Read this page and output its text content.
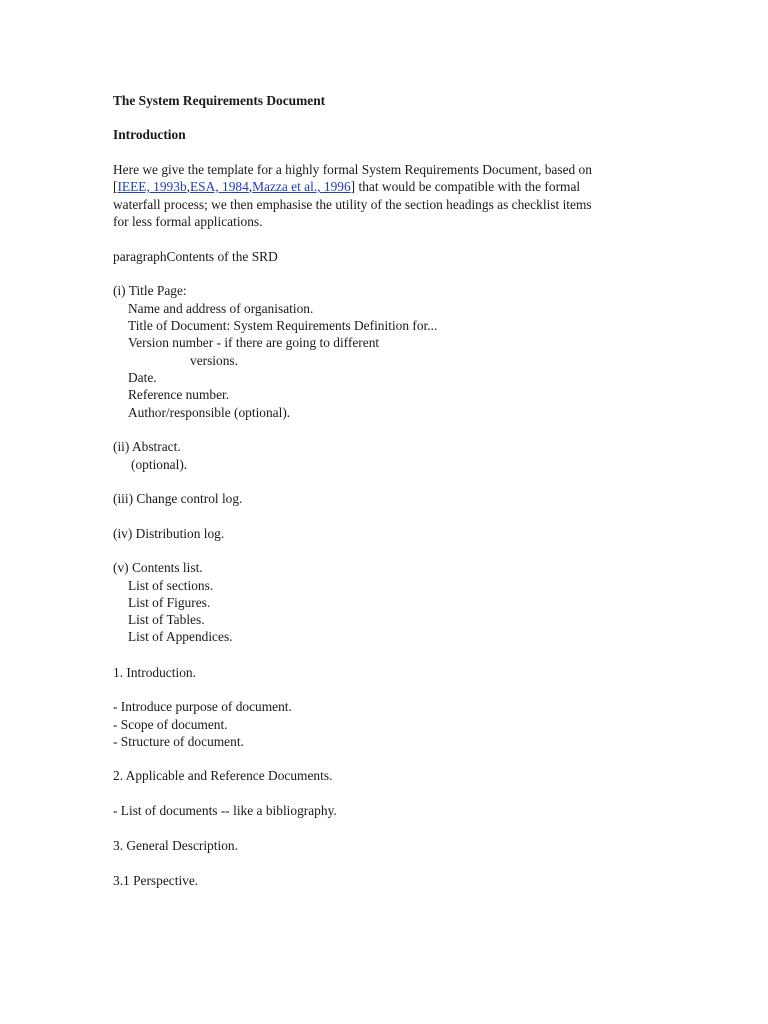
The System Requirements Document
Introduction
Here we give the template for a highly formal System Requirements Document, based on
[IEEE, 1993b,ESA, 1984,Mazza et al., 1996] that would be compatible with the formal
waterfall process; we then emphasise the utility of the section headings as checklist items
for less formal applications.
paragraphContents of the SRD
(i) Title Page:
Name and address of organisation.
Title of Document: System Requirements Definition for...
Version number - if there are going to different
versions.
Date.
Reference number.
Author/responsible (optional).
(ii) Abstract.
(optional).
(iii) Change control log.
(iv) Distribution log.
(v) Contents list.
List of sections.
List of Figures.
List of Tables.
List of Appendices.
1. Introduction.
- Introduce purpose of document.
- Scope of document.
- Structure of document.
2. Applicable and Reference Documents.
- List of documents -- like a bibliography.
3. General Description.
3.1 Perspective.
